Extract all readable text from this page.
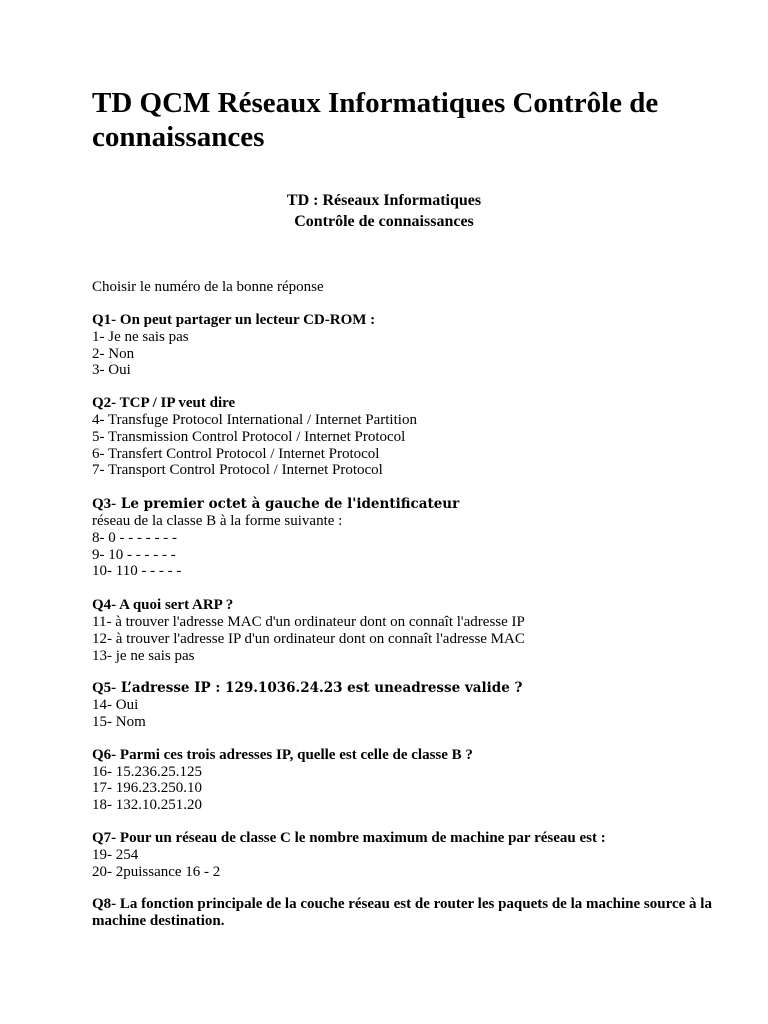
TD QCM Réseaux Informatiques Contrôle de connaissances
TD : Réseaux Informatiques
Contrôle de connaissances
Choisir le numéro de la bonne réponse
Q1- On peut partager un lecteur CD-ROM :
1- Je ne sais pas
2- Non
3- Oui
Q2- TCP / IP veut dire
4- Transfuge Protocol International / Internet Partition
5- Transmission Control Protocol / Internet Protocol
6- Transfert Control Protocol / Internet Protocol
7- Transport Control Protocol / Internet Protocol
Q3- Le premier octet à gauche de l'identificateur
réseau de la classe B à la forme suivante :
8- 0 - - - - - - -
9- 10 - - - - - -
10- 110 - - - - -
Q4- A quoi sert ARP ?
11- à trouver l'adresse MAC d'un ordinateur dont on connaît l'adresse IP
12- à trouver l'adresse IP d'un ordinateur dont on connaît l'adresse MAC
13- je ne sais pas
Q5- L’adresse IP : 129.1036.24.23 est uneadresse valide ?
14- Oui
15- Nom
Q6- Parmi ces trois adresses IP, quelle est celle de classe B ?
16- 15.236.25.125
17- 196.23.250.10
18- 132.10.251.20
Q7- Pour un réseau de classe C le nombre maximum de machine par réseau est :
19- 254
20- 2puissance 16 - 2
Q8- La fonction principale de la couche réseau est de router les paquets de la machine source à la
machine destination.
